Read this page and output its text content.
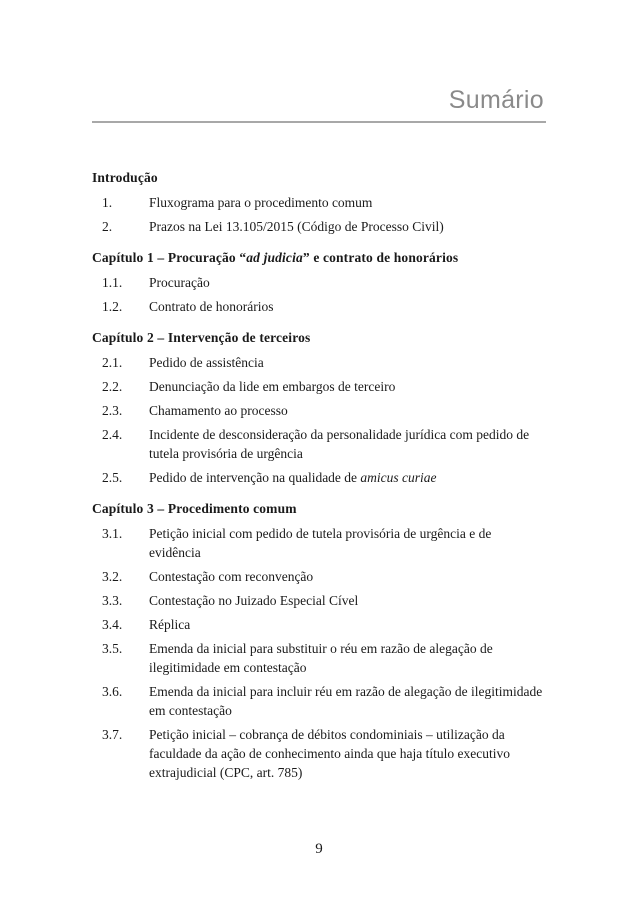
Sumário
Introdução
1.	Fluxograma para o procedimento comum
2.	Prazos na Lei 13.105/2015 (Código de Processo Civil)
Capítulo 1 – Procuração “ad judicia” e contrato de honorários
1.1.	Procuração
1.2.	Contrato de honorários
Capítulo 2 – Intervenção de terceiros
2.1.	Pedido de assistência
2.2.	Denunciação da lide em embargos de terceiro
2.3.	Chamamento ao processo
2.4.	Incidente de desconsideração da personalidade jurídica com pedido de tutela provisória de urgência
2.5.	Pedido de intervenção na qualidade de amicus curiae
Capítulo 3 – Procedimento comum
3.1.	Petição inicial com pedido de tutela provisória de urgência e de evidência
3.2.	Contestação com reconvenção
3.3.	Contestação no Juizado Especial Cível
3.4.	Réplica
3.5.	Emenda da inicial para substituir o réu em razão de alegação de ilegitimidade em contestação
3.6.	Emenda da inicial para incluir réu em razão de alegação de ilegitimidade em contestação
3.7.	Petição inicial – cobrança de débitos condominiais – utilização da faculdade da ação de conhecimento ainda que haja título executivo extrajudicial (CPC, art. 785)
9
